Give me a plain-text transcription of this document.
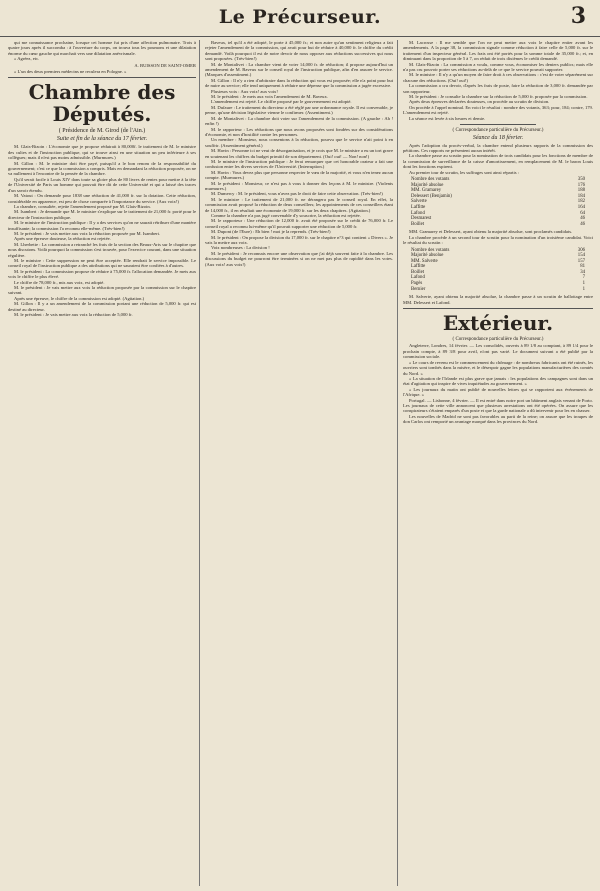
Le Précurseur.	3

qui me connaissance prochaine, lorsque cet homme fut pris d'une affection pulmonaire. Trois à quatre jours après il succomba : à l'ouverture du corps, on trouva tous les poumons et une dilatation énorme du cœur gauche qui marchait vers une dilatation anévrismale.

« Agréez, etc.

A. BUISSON DE SAINT-OMER

« L'un des deux premiers médecins ne reculera en Pologne. »

Chambre des Députés.
( Présidence de M. Girod (de l'Ain.)
Suite et fin de la séance du 17 février.

M. Glais-Bizoin : L'économie que je propose réduirait à 80,000f. le traitement de M. le ministre des cultes et de l'instruction publique, qui se trouve ainsi en une situation un peu inférieure à ses collègues; mais il n'est pas moins admissible. (Murmures.)

M. Gillon : M. le ministre doit être payé, puisqu'il a le bon renom de la responsabilité du gouvernement; c'est ce que la commission a compris. Mais en demandant la réduction proposée, on ne va nullement à l'encontre de la pensée de la chambre.

Qu'il serait facile à Louis XIV dans toute sa gloire plus de 80 livres de rentes pour mettre à la tête de l'Université de Paris un homme qui pouvait être dit de cette Université et qui a laissé des traces d'un savoir étendu.

M. Vatout : On demande pour 1838 une réduction de 41,000 fr. sur la dotation. Cette réduction, considérable en apparence, est peu de chose comparée à l'importance du service. (Aux voix!)

La chambre, consultée, rejette l'amendement proposé par M. Glais-Bizoin.

M. Isambert : Je demande que M. le ministre s'explique sur le traitement de 21,000 fr. porté pour le directeur de l'instruction publique.

M. le ministre de l'instruction publique : Il y a des services qu'on ne saurait rétribuer d'une manière insuffisante; la commission l'a reconnu elle-même. (Très-bien!)

M. le président : Je vais mettre aux voix la réduction proposée par M. Isambert.

Après une épreuve douteuse, la réduction est rejetée.

M. Lherbette : La commission a retranché les frais de la section des Beaux-Arts sur le chapitre que nous discutons. Voilà pourquoi la commission s'est trouvée, pour l'exercice courant, dans une situation régulière.

M. le ministre : Cette suppression ne peut être acceptée. Elle rendrait le service impossible. Le conseil royal de l'instruction publique a des attributions qui ne sauraient être confiées à d'autres.

M. le président : La commission propose de réduire à 75,000 fr. l'allocation demandée. Je mets aux voix le chiffre le plus élevé.

Le chiffre de 78,000 fr., mis aux voix, est adopté.

M. le président : Je vais mettre aux voix la réduction proposée par la commission sur le chapitre suivant.

Après une épreuve, le chiffre de la commission est adopté. (Agitation.)

M. Gillon : Il y a un amendement de la commission portant une réduction de 5,000 fr. qui est destiné au directeur.

M. le président : Je vais mettre aux voix la réduction de 5,000 fr.

Baveux, tel qu'il a été adopté, le porte à 45,000 fr.; et non autre qu'un sentiment religieux a fait rejeter l'amendement de la commission, qui avait pour but de réduire à 40,000 fr. le chiffre du crédit demandé. Voilà pourquoi il est de notre devoir de nous opposer aux réductions successives qui nous sont proposées. (Très-bien!)

M. de Montalivet : La chambre vient de voter 14,000 fr. de réduction; il propose aujourd'hui un amendement de M. Baveux sur le conseil royal de l'instruction publique, afin d'en assurer le service. (Marques d'assentiment.)

M. Gillon : Il n'y a rien d'arbitraire dans la réduction qui vous est proposée; elle n'a point pour but de nuire au service; elle tend uniquement à réduire une dépense que la commission a jugée excessive.

Plusieurs voix : Aux voix! aux voix!

M. le président : Je mets aux voix l'amendement de M. Baveux.

L'amendement est rejeté. Le chiffre proposé par le gouvernement est adopté.

M. Dufaure : Le traitement du directeur a été réglé par une ordonnance royale. Il est convenable, je pense, qu'une décision législative vienne le confirmer. (Assentiment.)

M. de Montalivet : La chambre doit voter sur l'amendement de la commission. (A gauche : Ah ! enfin !)

M. le rapporteur : Les réductions que nous avons proposées sont fondées sur des considérations d'économie, et non d'hostilité contre les personnes.

Un membre : Monsieur, nous consentons à la réduction, pourvu que le service n'ait point à en souffrir. (Assentiment général.)

M. Havin : Personne ici ne veut de désorganisation, et je crois que M. le ministre a eu un tort grave en soutenant les chiffres du budget primitif de son département. (Oui! oui! — Non! non!)

M. le ministre de l'instruction publique : Je ferai remarquer que cet honorable orateur a fait une confusion entre les divers services de l'Université. (Interruption.)

M. Havin : Vous devez plus que personne respecter le vœu de la majorité, et vous n'en tenez aucun compte. (Murmures.)

M. le président : Monsieur, ce n'est pas à vous à donner des leçons à M. le ministre. (Violents murmures.)

M. Dumercy : M. le président, vous n'avez pas le droit de faire cette observation. (Très-bien!)

M. le ministre : Le traitement de 21,000 fr. ne dérangera pas le conseil royal. En effet, la commission avait proposé la réduction de deux conseillers; les appointements de ces conseillers étant de 14,000 fr., il en résultait une économie de 19,000 fr. sur les deux chapitres. (Agitation.)

Comme la chambre n'a pas jugé convenable d'y souscrire, la réduction est rejetée.

M. le rapporteur : Une réduction de 12,000 fr. avait été proposée sur le crédit de 76,000 fr. Le conseil royal a reconnu lui-même qu'il pouvait supporter une réduction de 5,000 fr.

M. Dupont (de l'Eure) : Eh bien ! moi je la reprends. (Très-bien!)

M. le président : On propose la division du 17,000 fr. sur le chapitre n°3 qui contient « Divers ». Je vais la mettre aux voix.

Voix nombreuses : La division !

M. le président : Je reconnais encore une observation que j'ai déjà souvent faite à la chambre. Les discussions du budget ne pourront être terminées si on ne met pas plus de rapidité dans les votes. (Aux voix! aux voix!)

M. Lacrosse : Il me semble que l'on ne peut mettre aux voix le chapitre entier avant les amendements. A la page 38, la commission signale comme réduction à faire celle de 5,000 fr. sur le traitement d'un inspecteur général. Les frais ont été portés pour la somme totale de 35,000 fr.; et, en diminuant dans la proportion de 5 à 7, on réduit de trois dixièmes le crédit demandé.

M. Glais-Bizoin : La commission a voulu, comme vous, économiser les deniers publics; mais elle n'a pas cru pouvoir porter ses réductions au-delà de ce que le service pouvait supporter.

M. le ministre : Il n'y a qu'un moyen de faire droit à ces observations : c'est de voter séparément sur chacune des réductions. (Oui! oui!)

La commission a cru devoir, d'après les frais de poste, faire la réduction de 3,000 fr. demandée par son rapporteur.

M. le président : Je consulte la chambre sur la réduction de 5,000 fr. proposée par la commission.

Après deux épreuves déclarées douteuses, on procède au scrutin de division.

On procède à l'appel nominal. En voici le résultat : nombre des votants, 363; pour, 184; contre, 179. L'amendement est rejeté.

La séance est levée à six heures et demie.

( Correspondance particulière du Précurseur.)
Séance du 18 février.

Après l'adoption du procès-verbal, la chambre entend plusieurs rapports de la commission des pétitions. Ces rapports ne présentent aucun intérêt.

La chambre passe au scrutin pour la nomination de trois candidats pour les fonctions de membre de la commission de surveillance de la caisse d'amortissement, en remplacement de M. le baron Louis dont les fonctions expirent.

Au premier tour de scrutin, les suffrages sont ainsi répartis :

Nombre des votants	350
Majorité absolue	176
MM. Gramarey	188
Delessert (Benjamin)	184
Salverte	182
Laffitte	164
Lafond	64
Desmarest	46
Boillet	46

MM. Gramarey et Delessert, ayant obtenu la majorité absolue, sont proclamés candidats.

La chambre procède à un second tour de scrutin pour la nomination d'un troisième candidat. Voici le résultat du scrutin :

Nombre des votants	306
Majorité absolue	154
MM. Salverte	157
Laffitte	81
Boillet	34
Lafond	7
Pagès	1
Bernier	1

M. Salverte, ayant obtenu la majorité absolue, la chambre passe à un scrutin de ballottage entre MM. Delessert et Lafond.

Extérieur.
( Correspondance particulière du Précurseur.)

Angleterre, Londres, 14 février. — Les consolidés, ouverts à 89 1/8 au comptant, à 89 1/4 pour le prochain compte, à 89 3/8 pour avril, n'ont pas varié. Le document suivant a été publié par la commission sociale.

« Le cours de revenu est le commencement du chômage : de nombreux fabricants ont été ruinés, les ouvriers sont tombés dans la misère, et le désespoir gagne les populations manufacturières des comtés du Nord. »

« La situation de l'Irlande est plus grave que jamais : les populations des campagnes sont dans un état d'agitation qui inspire de vives inquiétudes au gouvernement. »

« Les journaux du matin ont publié de nouvelles lettres qui se rapportent aux événements de l'Afrique. »

Portugal. — Lisbonne, 4 février. — Il est entré dans notre port un bâtiment anglais venant de Porto. Les journaux de cette ville annoncent que plusieurs arrestations ont été opérées. On assure que les conspirateurs s'étaient emparés d'un poste et que la garde nationale a dû intervenir pour les en chasser.

Les nouvelles de Madrid ne sont pas favorables au parti de la reine; on assure que les troupes de don Carlos ont remporté un avantage marqué dans les provinces du Nord.
